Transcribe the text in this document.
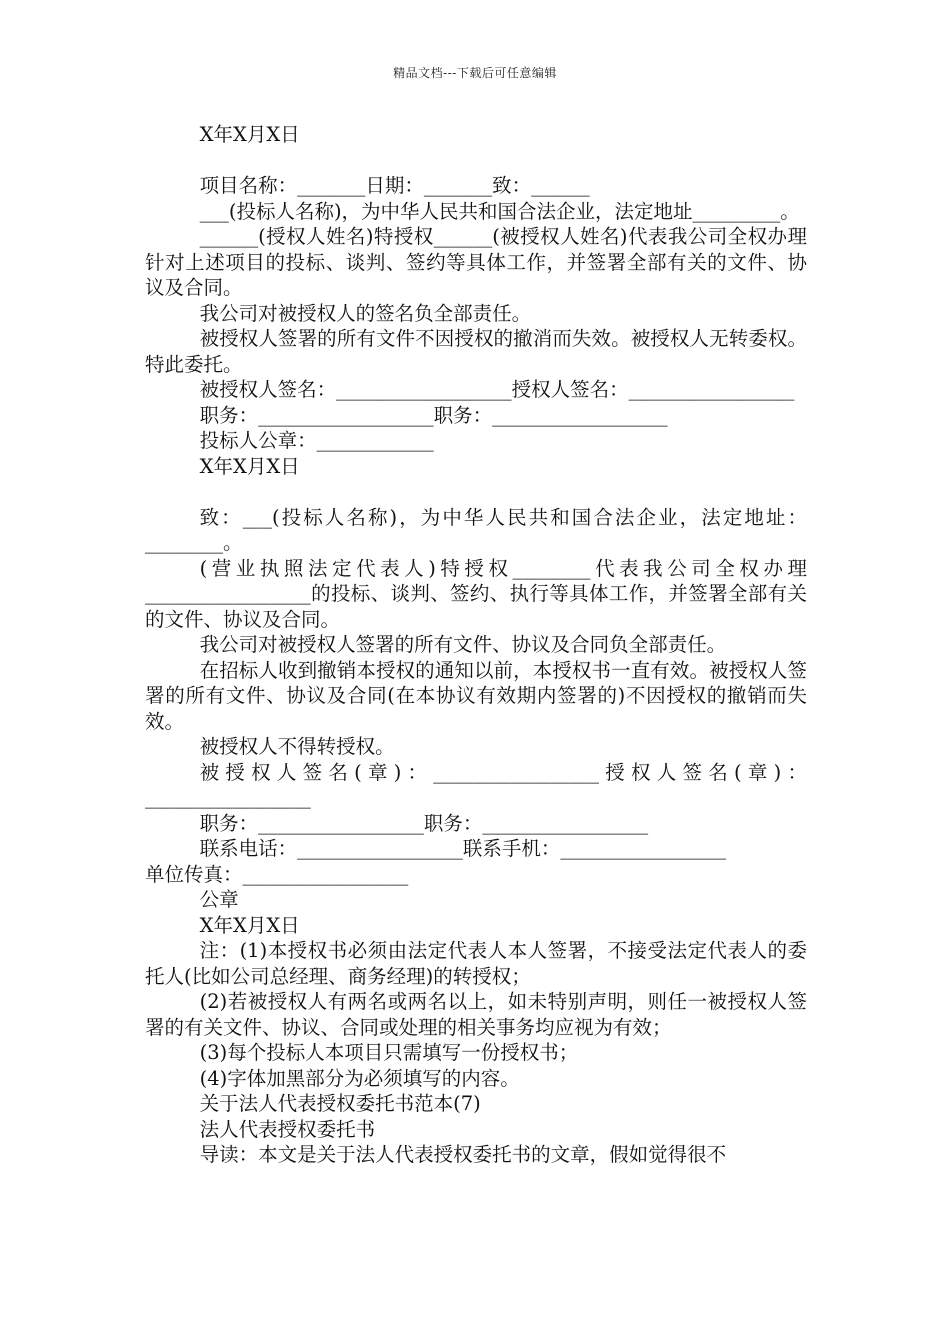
精品文档---下载后可任意编辑

X年X月X日

项目名称：_______日期：_______致：______

___(投标人名称)，为中华人民共和国合法企业，法定地址_________。

______(授权人姓名)特授权______(被授权人姓名)代表我公司全权办理针对上述项目的投标、谈判、签约等具体工作，并签署全部有关的文件、协议及合同。

我公司对被授权人的签名负全部责任。

被授权人签署的所有文件不因授权的撤消而失效。被授权人无转委权。特此委托。

被授权人签名：__________________授权人签名：_________________

职务：__________________职务：__________________

投标人公章：____________

X年X月X日

致：___(投标人名称)，为中华人民共和国合法企业，法定地址：________。

(营业执照法定代表人)特授权________代表我公司全权办理_________________的投标、谈判、签约、执行等具体工作，并签署全部有关的文件、协议及合同。

我公司对被授权人签署的所有文件、协议及合同负全部责任。

在招标人收到撤销本授权的通知以前，本授权书一直有效。被授权人签署的所有文件、协议及合同(在本协议有效期内签署的)不因授权的撤销而失效。

被授权人不得转授权。

被授权人签名(章)：_________________授权人签名(章)：_________________

职务：_________________职务：_________________

联系电话：_________________联系手机：_________________

单位传真：_________________

公章

X年X月X日

注：(1)本授权书必须由法定代表人本人签署，不接受法定代表人的委托人(比如公司总经理、商务经理)的转授权；

(2)若被授权人有两名或两名以上，如未特别声明，则任一被授权人签署的有关文件、协议、合同或处理的相关事务均应视为有效；

(3)每个投标人本项目只需填写一份授权书；

(4)字体加黑部分为必须填写的内容。

关于法人代表授权委托书范本(7)

法人代表授权委托书

导读：本文是关于法人代表授权委托书的文章，假如觉得很不
